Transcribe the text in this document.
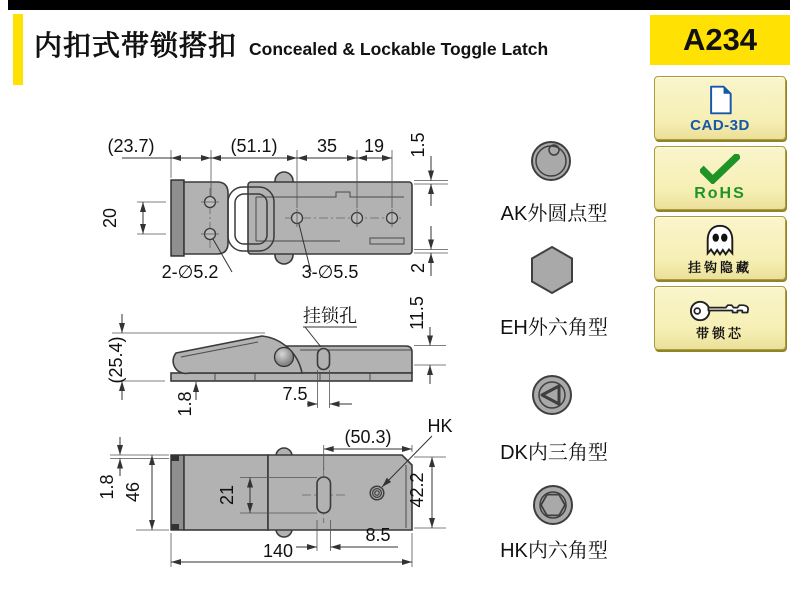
(23.7)	(51.1) 35 19
20
1.5
2
2-∅5.2	3-∅5.5
(25.4)
1.8	7.5
11.5
挂锁孔
(50.3)
HK
1.8 46	21	42.2
8.5
140
AK外圆点型
EH外六角型
DK内三角型
HK内六角型
内扣式带锁搭扣 Concealed & Lockable Toggle Latch	A234
CAD-3D
RoHS
挂钩隐藏
带锁芯
